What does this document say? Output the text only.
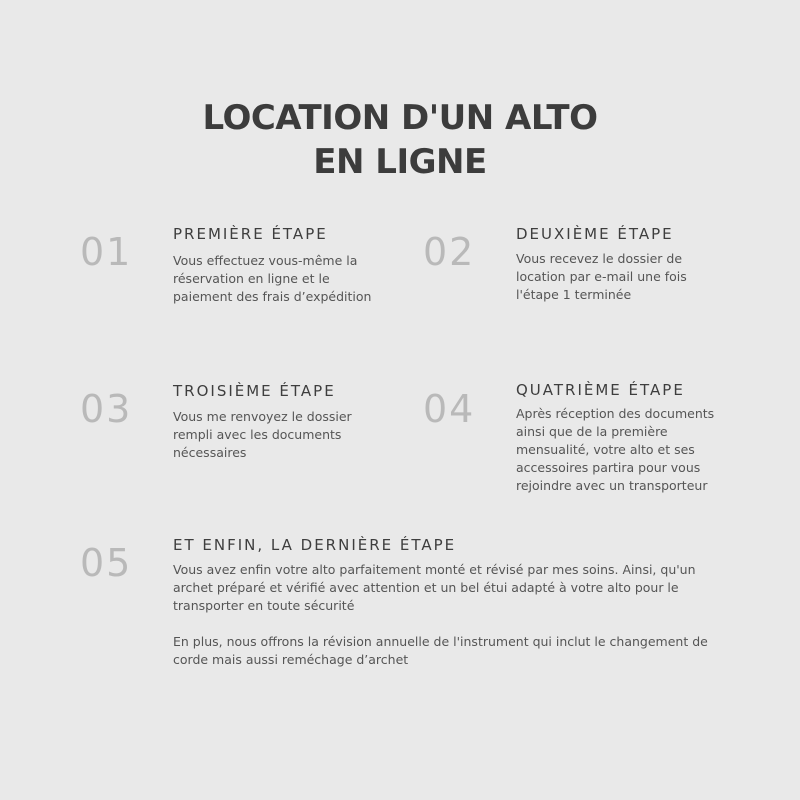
LOCATION D'UN ALTO
EN LIGNE
01	PREMIÈRE ÉTAPE
Vous effectuez vous-même la réservation en ligne et le paiement des frais d’expédition
02	DEUXIÈME ÉTAPE
Vous recevez le dossier de location par e-mail une fois l'étape 1 terminée
03	TROISIÈME ÉTAPE
Vous me renvoyez le dossier rempli avec les documents nécessaires
04	QUATRIÈME ÉTAPE
Après réception des documents ainsi que de la première mensualité, votre alto et ses accessoires partira pour vous rejoindre avec un transporteur
05	ET ENFIN, LA DERNIÈRE ÉTAPE
Vous avez enfin votre alto parfaitement monté et révisé par mes soins. Ainsi, qu'un archet préparé et vérifié avec attention et un bel étui adapté à votre alto pour le transporter en toute sécurité
En plus, nous offrons la révision annuelle de l'instrument qui inclut le changement de corde mais aussi reméchage d’archet
